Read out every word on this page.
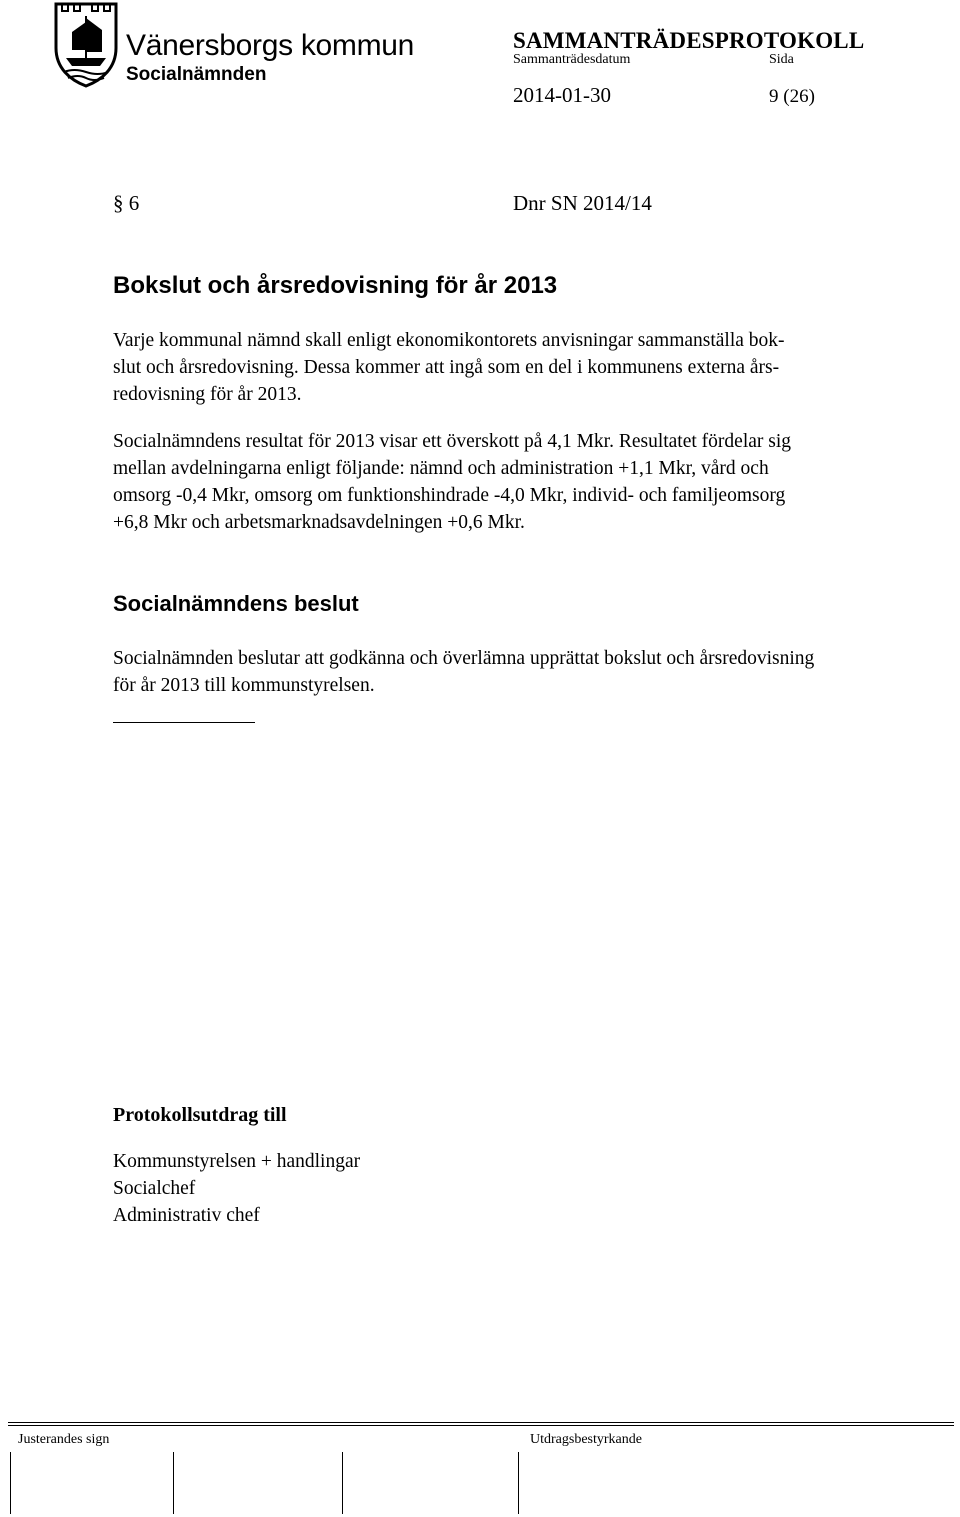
Vänersborgs kommun
Socialnämnden
SAMMANTRÄDESPROTOKOLL
Sammanträdesdatum	Sida
2014-01-30	9 (26)
§ 6	Dnr SN 2014/14
Bokslut och årsredovisning för år 2013
Varje kommunal nämnd skall enligt ekonomikontorets anvisningar sammanställa bok-
slut och årsredovisning. Dessa kommer att ingå som en del i kommunens externa års-
redovisning för år 2013.
Socialnämndens resultat för 2013 visar ett överskott på 4,1 Mkr. Resultatet fördelar sig
mellan avdelningarna enligt följande: nämnd och administration +1,1 Mkr, vård och
omsorg -0,4 Mkr, omsorg om funktionshindrade -4,0 Mkr, individ- och familjeomsorg
+6,8 Mkr och arbetsmarknadsavdelningen +0,6 Mkr.
Socialnämndens beslut
Socialnämnden beslutar att godkänna och överlämna upprättat bokslut och årsredovisning
för år 2013 till kommunstyrelsen.
Protokollsutdrag till
Kommunstyrelsen + handlingar
Socialchef
Administrativ chef
Justerandes sign	Utdragsbestyrkande
